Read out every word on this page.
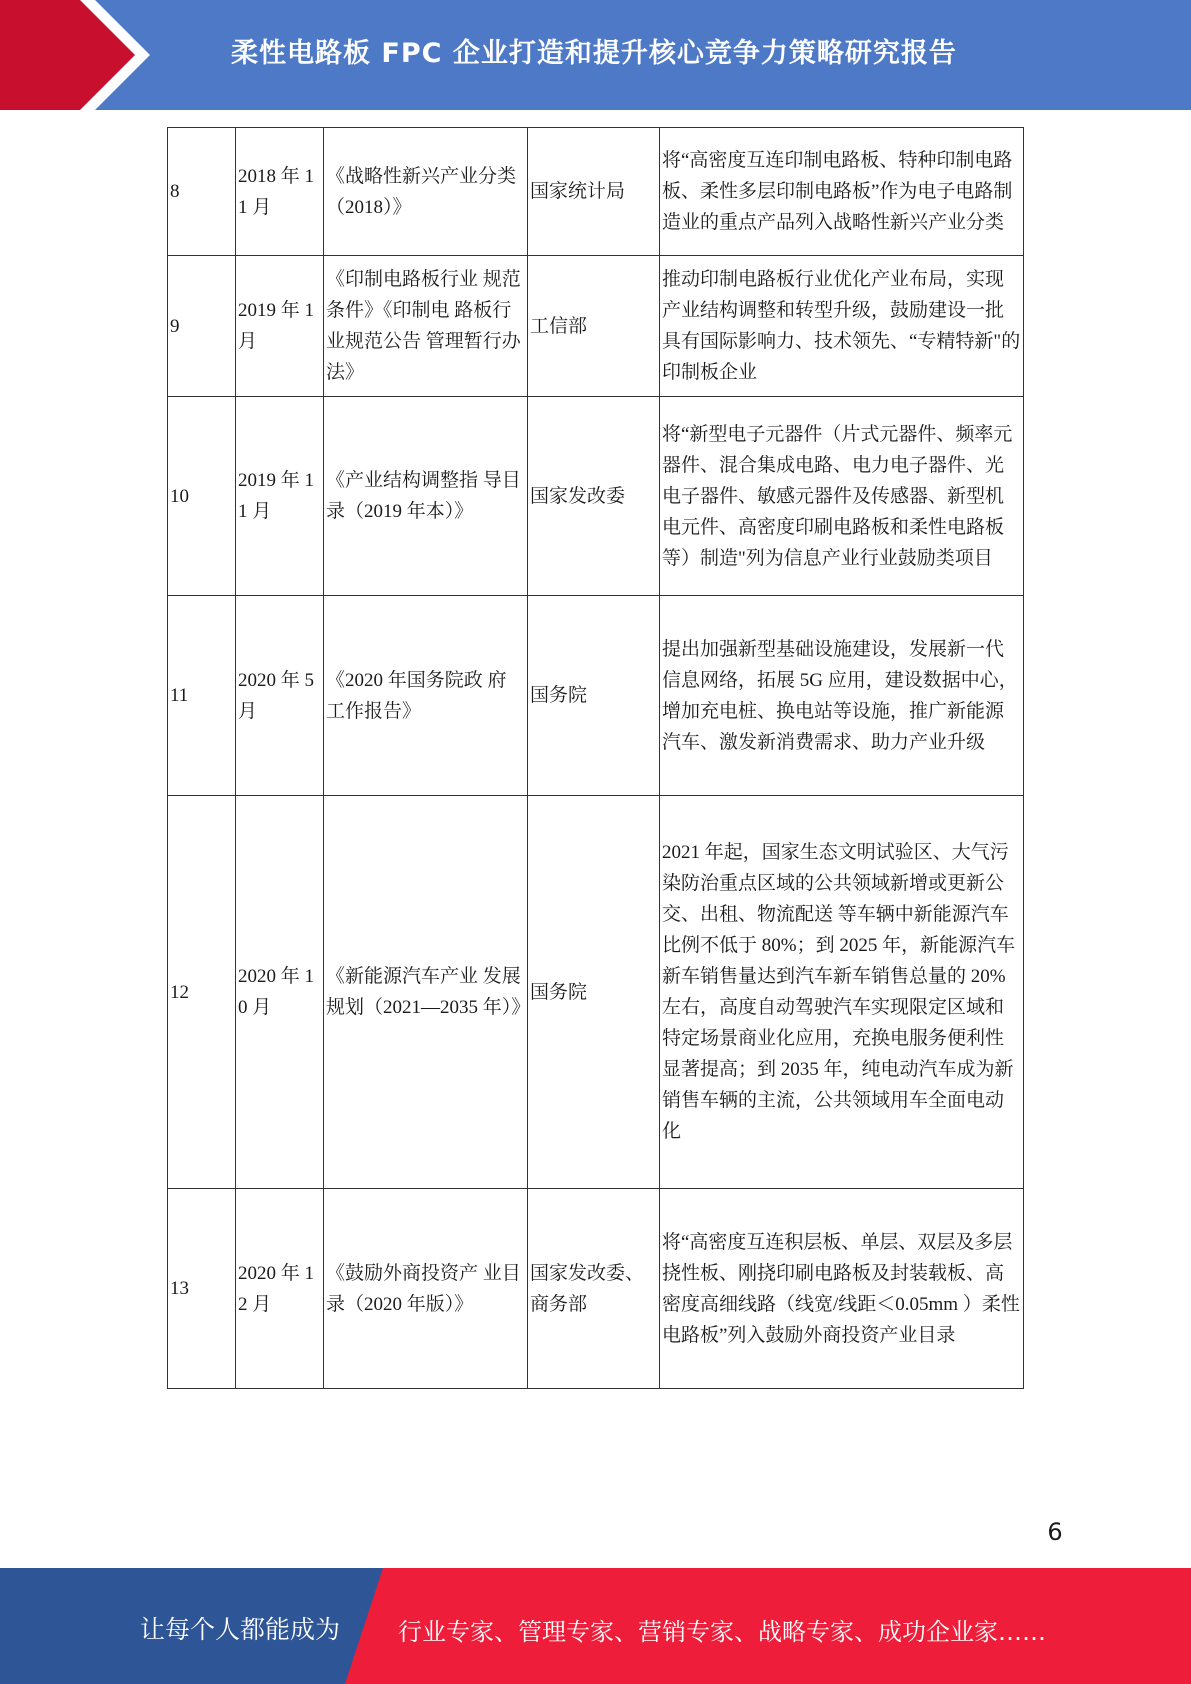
柔性电路板 FPC 企业打造和提升核心竞争力策略研究报告
8	2018 年 11 月	《战略性新兴产业分类（2018）》	国家统计局	将“高密度互连印制电路板、特种印制电路板、柔性多层印制电路板”作为电子电路制造业的重点产品列入战略性新兴产业分类
9	2019 年 1 月	《印制电路板行业 规范条件》《印制电 路板行业规范公告 管理暂行办法》	工信部	推动印制电路板行业优化产业布局，实现产业结构调整和转型升级，鼓励建设一批具有国际影响力、技术领先、“专精特新"的印制板企业
10	2019 年 11 月	《产业结构调整指 导目录（2019 年本）》	国家发改委	将“新型电子元器件（片式元器件、频率元器件、混合集成电路、电力电子器件、光电子器件、敏感元器件及传感器、新型机电元件、高密度印刷电路板和柔性电路板等）制造"列为信息产业行业鼓励类项目
11	2020 年 5 月	《2020 年国务院政 府工作报告》	国务院	提出加强新型基础设施建设，发展新一代信息网络，拓展 5G 应用，建设数据中心，增加充电桩、换电站等设施，推广新能源汽车、激发新消费需求、助力产业升级
12	2020 年 10 月	《新能源汽车产业 发展规划（2021—2035 年）》	国务院	2021 年起，国家生态文明试验区、大气污染防治重点区域的公共领域新增或更新公交、出租、物流配送 等车辆中新能源汽车比例不低于 80%；到 2025 年，新能源汽车新车销售量达到汽车新车销售总量的 20%左右，高度自动驾驶汽车实现限定区域和特定场景商业化应用，充换电服务便利性显著提高；到 2035 年，纯电动汽车成为新销售车辆的主流，公共领域用车全面电动化
13	2020 年 12 月	《鼓励外商投资产 业目录（2020 年版）》	国家发改委、商务部	将“高密度互连积层板、单层、双层及多层挠性板、刚挠印刷电路板及封装载板、高密度高细线路（线宽/线距＜0.05mm ）柔性电路板”列入鼓励外商投资产业目录
6
让每个人都能成为 行业专家、管理专家、营销专家、战略专家、成功企业家……
